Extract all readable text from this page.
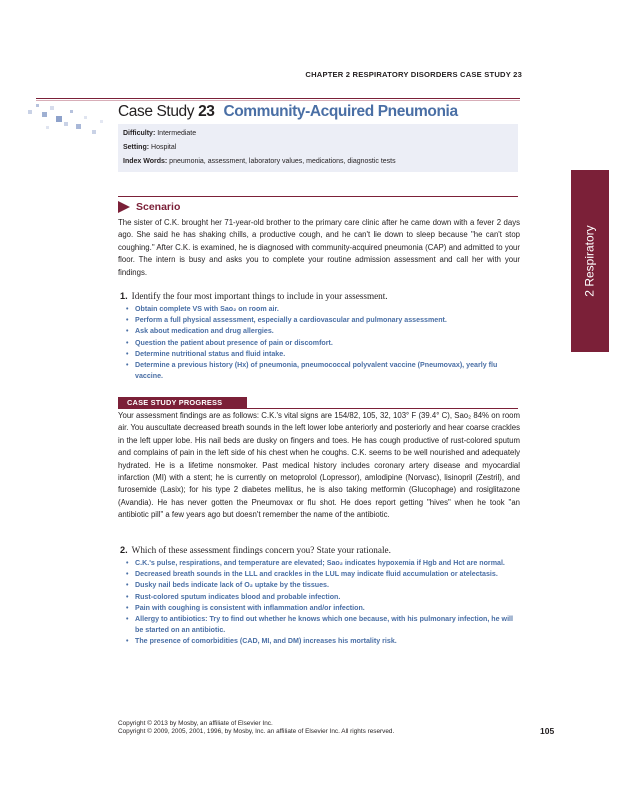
CHAPTER 2 RESPIRATORY DISORDERS CASE STUDY 23
Case Study 23 Community-Acquired Pneumonia
Difficulty: Intermediate
Setting: Hospital
Index Words: pneumonia, assessment, laboratory values, medications, diagnostic tests
Scenario
The sister of C.K. brought her 71-year-old brother to the primary care clinic after he came down with a fever 2 days ago. She said he has shaking chills, a productive cough, and he can't lie down to sleep because "he can't stop coughing." After C.K. is examined, he is diagnosed with community-acquired pneumonia (CAP) and admitted to your floor. The intern is busy and asks you to complete your routine admission assessment and call her with your findings.
1. Identify the four most important things to include in your assessment.
• Obtain complete VS with Sao₂ on room air.
• Perform a full physical assessment, especially a cardiovascular and pulmonary assessment.
• Ask about medication and drug allergies.
• Question the patient about presence of pain or discomfort.
• Determine nutritional status and fluid intake.
• Determine a previous history (Hx) of pneumonia, pneumococcal polyvalent vaccine (Pneumovax), yearly flu vaccine.
CASE STUDY PROGRESS
Your assessment findings are as follows: C.K.'s vital signs are 154/82, 105, 32, 103° F (39.4° C), Sao₂ 84% on room air. You auscultate decreased breath sounds in the left lower lobe anteriorly and posteriorly and hear coarse crackles in the left upper lobe. His nail beds are dusky on fingers and toes. He has cough productive of rust-colored sputum and complains of pain in the left side of his chest when he coughs. C.K. seems to be well nourished and adequately hydrated. He is a lifetime nonsmoker. Past medical history includes coronary artery disease and myocardial infarction (MI) with a stent; he is currently on metoprolol (Lopressor), amlodipine (Norvasc), lisinopril (Zestril), and furosemide (Lasix); for his type 2 diabetes mellitus, he is also taking metformin (Glucophage) and rosiglitazone (Avandia). He has never gotten the Pneumovax or flu shot. He does report getting "hives" when he took "an antibiotic pill" a few years ago but doesn't remember the name of the antibiotic.
2. Which of these assessment findings concern you? State your rationale.
• C.K.'s pulse, respirations, and temperature are elevated; Sao₂ indicates hypoxemia if Hgb and Hct are normal.
• Decreased breath sounds in the LLL and crackles in the LUL may indicate fluid accumulation or atelectasis.
• Dusky nail beds indicate lack of O₂ uptake by the tissues.
• Rust-colored sputum indicates blood and probable infection.
• Pain with coughing is consistent with inflammation and/or infection.
• Allergy to antibiotics: Try to find out whether he knows which one because, with his pulmonary infection, he will be started on an antibiotic.
• The presence of comorbidities (CAD, MI, and DM) increases his mortality risk.
2 Respiratory
Copyright © 2013 by Mosby, an affiliate of Elsevier Inc.
Copyright © 2009, 2005, 2001, 1996, by Mosby, Inc. an affiliate of Elsevier Inc. All rights reserved.	105
